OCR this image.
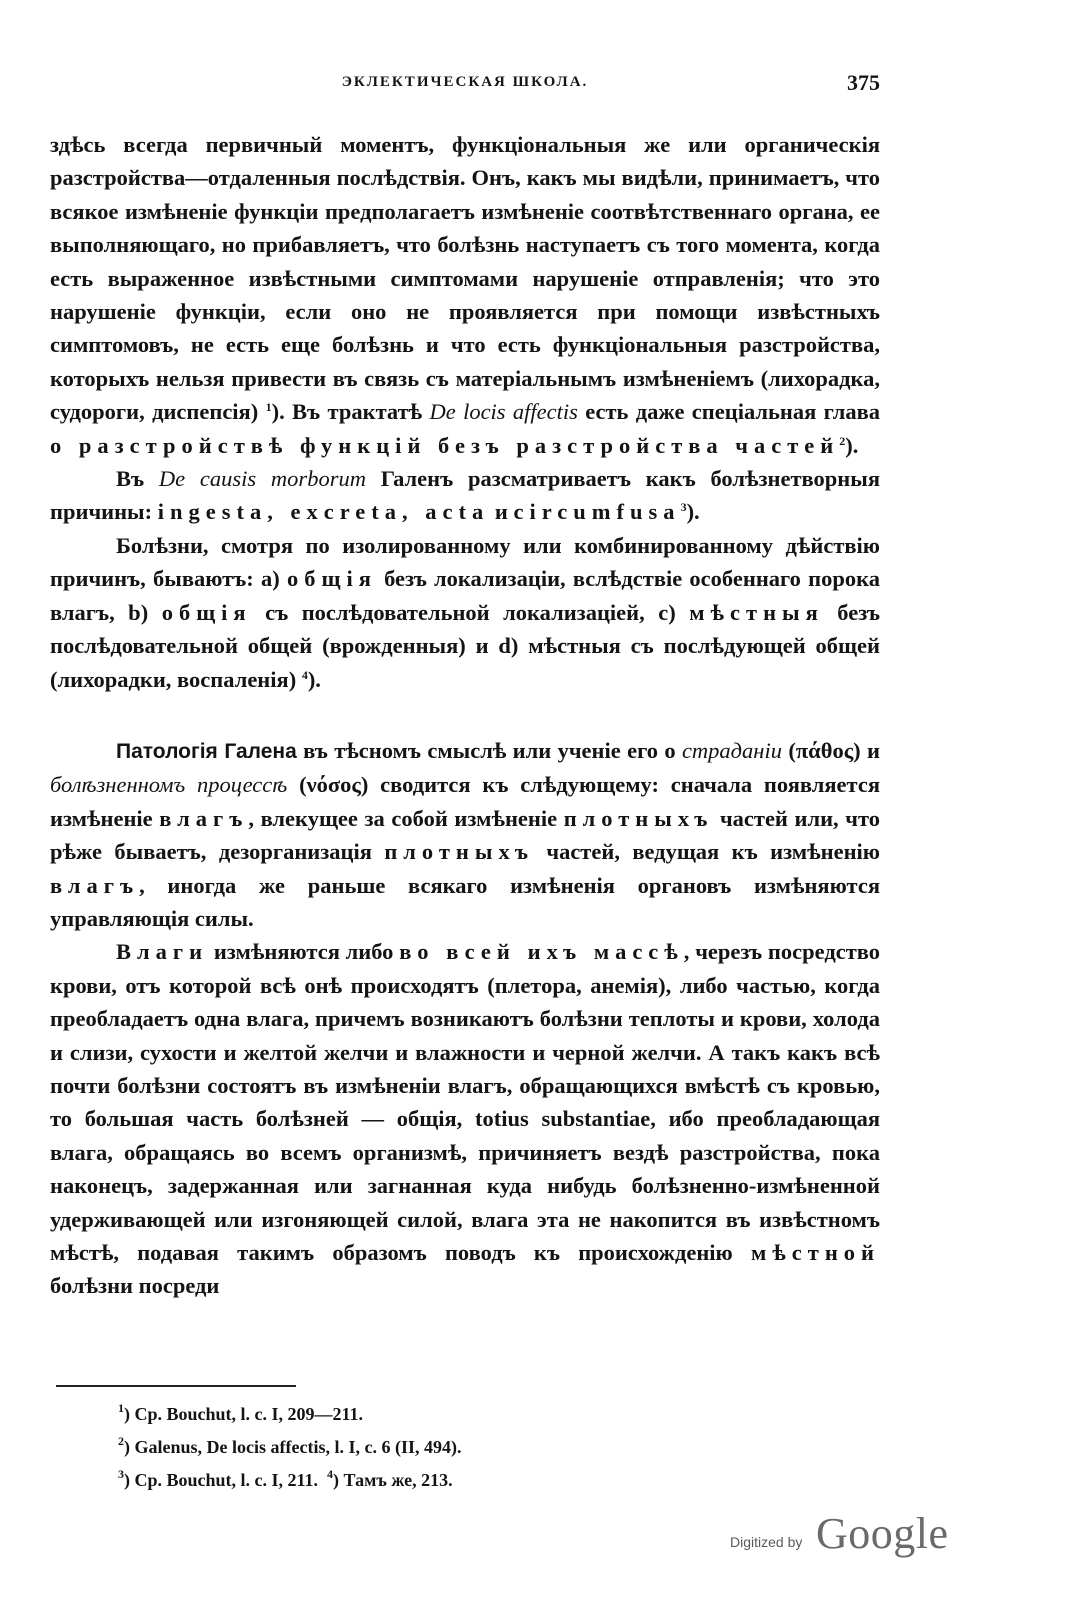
ЭКЛЕКТИЧЕСКАЯ ШКОЛА.	375

здѣсь всегда первичный моментъ, функціональныя же или органическія разстройства—отдаленныя послѣдствія. Онъ, какъ мы видѣли, принимаетъ, что всякое измѣненіе функціи предполагаетъ измѣненіе соотвѣтственнаго органа, ее выполняющаго, но прибавляетъ, что болѣзнь наступаетъ съ того момента, когда есть выраженное извѣстными симптомами нарушеніе отправленія; что это нарушеніе функціи, если оно не проявляется при помощи извѣстныхъ симптомовъ, не есть еще болѣзнь и что есть функціональныя разстройства, которыхъ нельзя привести въ связь съ матеріальнымъ измѣненіемъ (лихорадка, судороги, диспепсія) $^1$). Въ трактатѣ De locis affectis есть даже спеціальная глава о разстройствѣ функцій безъ разстройства частей$^2$).

Въ De causis morborum Галенъ разсматриваетъ какъ болѣзнетворныя причины: ingesta, excreta, acta и circumfusa$^3$).

Болѣзни, смотря по изолированному или комбинированному дѣйствію причинъ, бываютъ: a) общія безъ локализаціи, вслѣдствіе особеннаго порока влагъ, b) общія съ послѣдовательной локализаціей, c) мѣстныя безъ послѣдовательной общей (врожденныя) и d) мѣстныя съ послѣдующей общей (лихорадки, воспаленія) $^4$).

Патологія Галена въ тѣсномъ смыслѣ или ученіе его о страданіи (πάθος) и болѣзненномъ процессѣ (νόσος) сводится къ слѣдующему: сначала появляется измѣненіе влагъ, влекущее за собой измѣненіе плотныхъ частей или, что рѣже бываетъ, дезорганизація плотныхъ частей, ведущая къ измѣненію влагъ, иногда же раньше всякаго измѣненія органовъ измѣняются управляющія силы.

Влаги измѣняются либо во всей ихъ массѣ, черезъ посредство крови, отъ которой всѣ онѣ происходятъ (плетора, анемія), либо частью, когда преобладаетъ одна влага, причемъ возникаютъ болѣзни теплоты и крови, холода и слизи, сухости и желтой желчи и влажности и черной желчи. А такъ какъ всѣ почти болѣзни состоятъ въ измѣненіи влагъ, обращающихся вмѣстѣ съ кровью, то большая часть болѣзней — общія, totius substantiae, ибо преобладающая влага, обращаясь во всемъ организмѣ, причиняетъ вездѣ разстройства, пока наконецъ, задержанная или загнанная куда нибудь болѣзненно-измѣненной удерживающей или изгоняющей силой, влага эта не накопится въ извѣстномъ мѣстѣ, подавая такимъ образомъ поводъ къ происхожденію мѣстной болѣзни посреди

$^1$) Cp. Bouchut, l. c. I, 209—211.
$^2$) Galenus, De locis affectis, l. I, c. 6 (II, 494).
$^3$) Cp. Bouchut, l. c. I, 211. $^4$) Тамъ же, 213.
Digitized by Google
